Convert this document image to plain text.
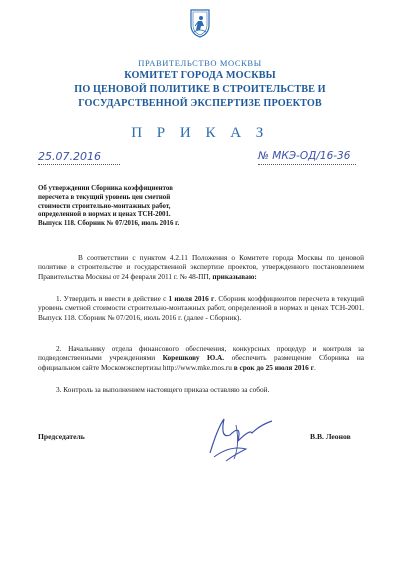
ПРАВИТЕЛЬСТВО МОСКВЫ
КОМИТЕТ ГОРОДА МОСКВЫ
ПО ЦЕНОВОЙ ПОЛИТИКЕ В СТРОИТЕЛЬСТВЕ И
ГОСУДАРСТВЕННОЙ ЭКСПЕРТИЗЕ ПРОЕКТОВ
П Р И К А З
25.07.2016	№ МКЭ-ОД/16-36
Об утверждении Сборника коэффициентов
пересчета в текущий уровень цен сметной
стоимости строительно-монтажных работ,
определенной в нормах и ценах ТСН-2001.
Выпуск 118. Сборник № 07/2016, июль 2016 г.
В соответствии с пунктом 4.2.11 Положения о Комитете города Москвы по ценовой политике в строительстве и государственной экспертизе проектов, утвержденного постановлением Правительства Москвы от 24 февраля 2011 г. № 48-ПП, приказываю:
1. Утвердить и ввести в действие с 1 июля 2016 г. Сборник коэффициентов пересчета в текущий уровень сметной стоимости строительно-монтажных работ, определенной в нормах и ценах ТСН-2001. Выпуск 118. Сборник № 07/2016, июль 2016 г. (далее - Сборник).
2. Начальнику отдела финансового обеспечения, конкурсных процедур и контроля за подведомственными учреждениями Корешкову Ю.А. обеспечить размещение Сборника на официальном сайте Москомэкспертизы http://www.mke.mos.ru в срок до 25 июля 2016 г.
3. Контроль за выполнением настоящего приказа оставляю за собой.
Председатель	В.В. Леонов
